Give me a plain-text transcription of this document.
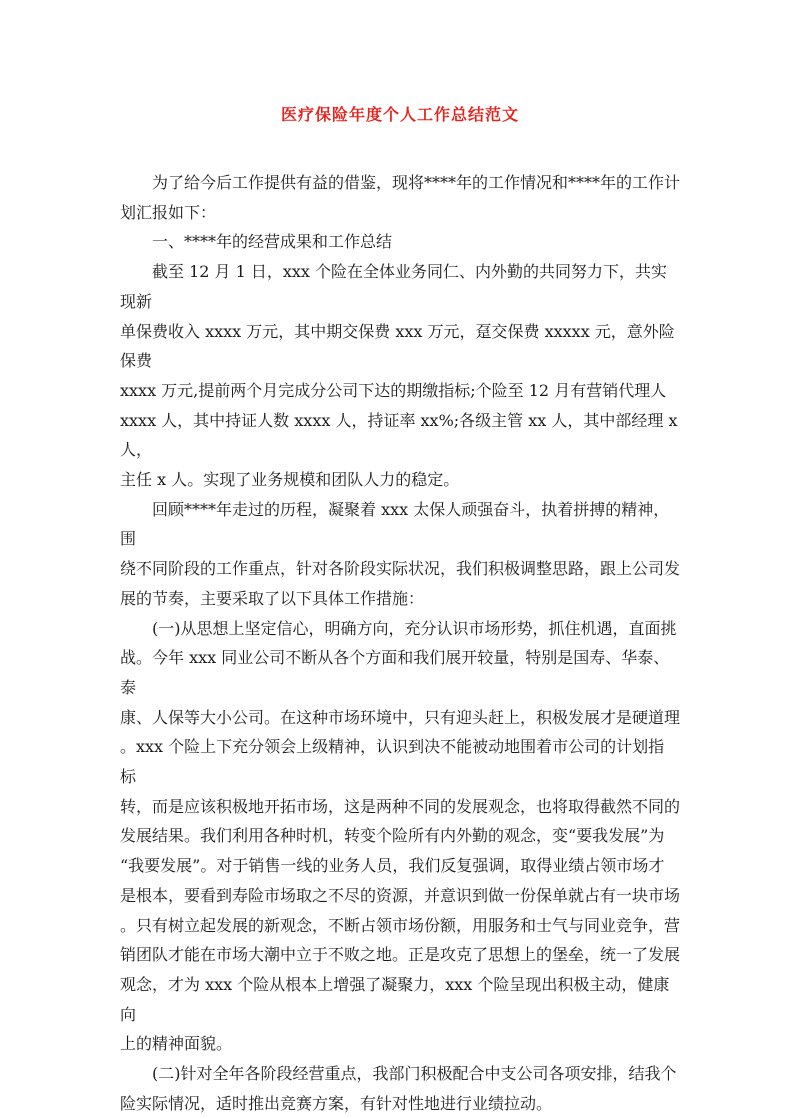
医疗保险年度个人工作总结范文

　　为了给今后工作提供有益的借鉴，现将****年的工作情况和****年的工作计
划汇报如下：

　　一、****年的经营成果和工作总结

　　截至 12 月 1 日，xxx 个险在全体业务同仁、内外勤的共同努力下，共实现新
单保费收入 xxxx 万元，其中期交保费 xxx 万元，趸交保费 xxxxx 元，意外险保费
xxxx 万元,提前两个月完成分公司下达的期缴指标;个险至 12 月有营销代理人
xxxx 人，其中持证人数 xxxx 人，持证率 xx%;各级主管 xx 人，其中部经理 x 人，
主任 x 人。实现了业务规模和团队人力的稳定。

　　回顾****年走过的历程，凝聚着 xxx 太保人顽强奋斗，执着拼搏的精神，围
绕不同阶段的工作重点，针对各阶段实际状况，我们积极调整思路，跟上公司发
展的节奏，主要采取了以下具体工作措施：

　　(一)从思想上坚定信心，明确方向，充分认识市场形势，抓住机遇，直面挑
战。今年 xxx 同业公司不断从各个方面和我们展开较量，特别是国寿、华泰、泰
康、人保等大小公司。在这种市场环境中，只有迎头赶上，积极发展才是硬道理
。xxx 个险上下充分领会上级精神，认识到决不能被动地围着市公司的计划指标
转，而是应该积极地开拓市场，这是两种不同的发展观念，也将取得截然不同的
发展结果。我们利用各种时机，转变个险所有内外勤的观念，变“要我发展”为
“我要发展”。对于销售一线的业务人员，我们反复强调，取得业绩占领市场才
是根本，要看到寿险市场取之不尽的资源，并意识到做一份保单就占有一块市场
。只有树立起发展的新观念，不断占领市场份额，用服务和士气与同业竞争，营
销团队才能在市场大潮中立于不败之地。正是攻克了思想上的堡垒，统一了发展
观念，才为 xxx 个险从根本上增强了凝聚力，xxx 个险呈现出积极主动，健康向
上的精神面貌。

　　(二)针对全年各阶段经营重点，我部门积极配合中支公司各项安排，结我个
险实际情况，适时推出竞赛方案，有针对性地进行业绩拉动。
